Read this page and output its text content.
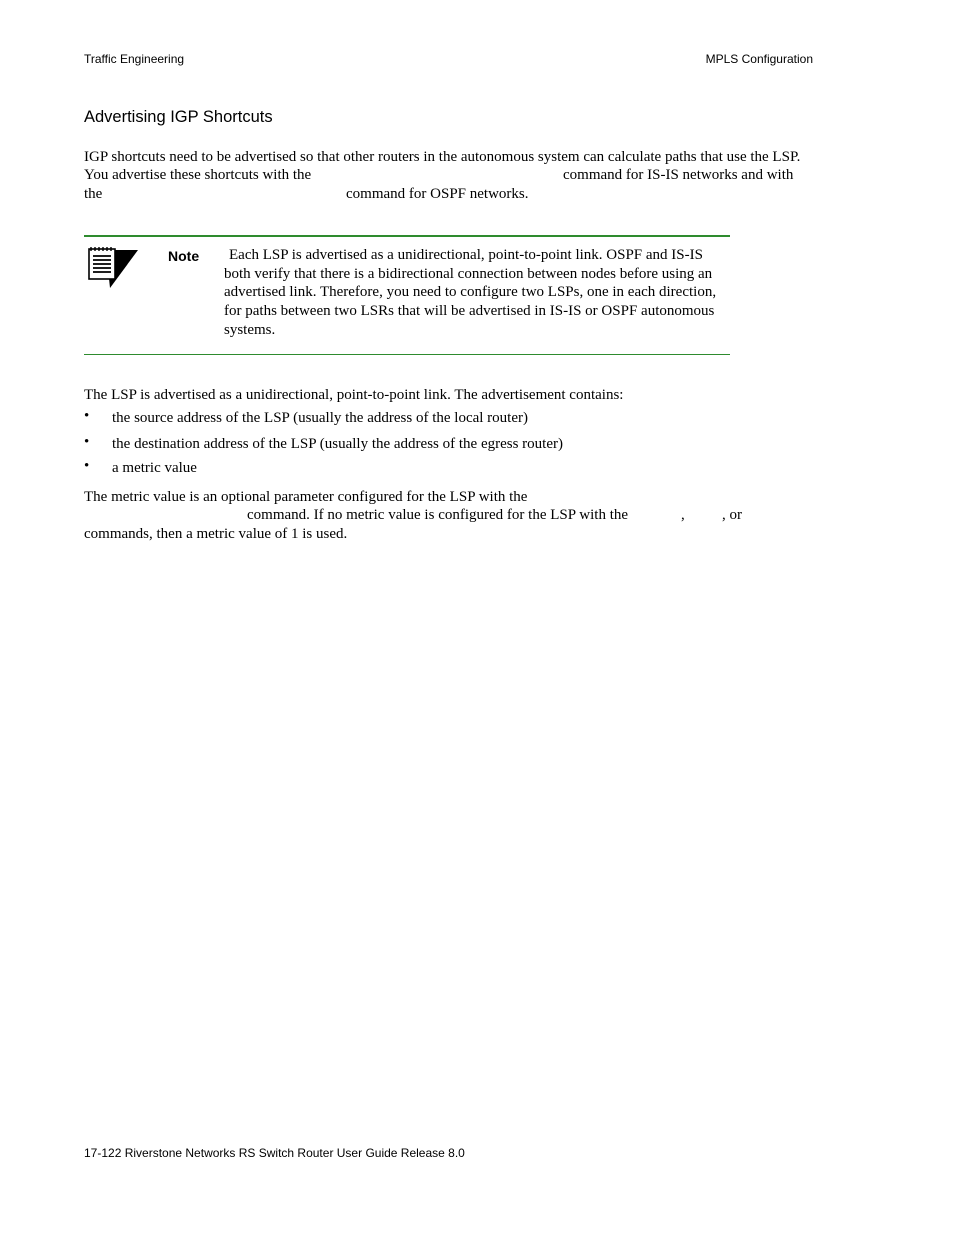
Traffic Engineering	MPLS Configuration
Advertising IGP Shortcuts
IGP shortcuts need to be advertised so that other routers in the autonomous system can calculate paths that use the LSP.
You advertise these shortcuts with the	command for IS-IS networks and with
the	command for OSPF networks.
Note Each LSP is advertised as a unidirectional, point-to-point link. OSPF and IS-IS
both verify that there is a bidirectional connection between nodes before using an
advertised link. Therefore, you need to configure two LSPs, one in each direction,
for paths between two LSRs that will be advertised in IS-IS or OSPF autonomous
systems.
The LSP is advertised as a unidirectional, point-to-point link. The advertisement contains:
• the source address of the LSP (usually the address of the local router)
• the destination address of the LSP (usually the address of the egress router)
• a metric value
The metric value is an optional parameter configured for the LSP with the
command. If no metric value is configured for the LSP with the	, , or
commands, then a metric value of 1 is used.
17-122 Riverstone Networks RS Switch Router User Guide Release 8.0
